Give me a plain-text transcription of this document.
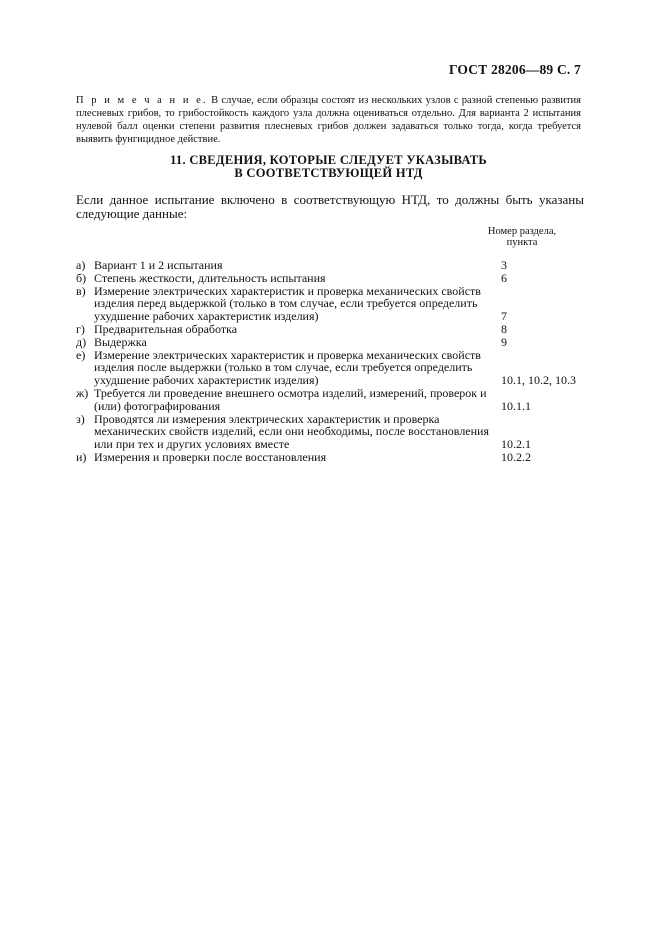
ГОСТ 28206—89 С. 7
П р и м е ч а н и е. В случае, если образцы состоят из нескольких узлов с разной степенью развития плесневых грибов, то грибостойкость каждого узла должна оцениваться отдельно. Для варианта 2 испытания нулевой балл оценки степени развития плесневых грибов должен задаваться только тогда, когда требуется выявить фунгицидное действие.
11. СВЕДЕНИЯ, КОТОРЫЕ СЛЕДУЕТ УКАЗЫВАТЬ
В СООТВЕТСТВУЮЩЕЙ НТД
Если данное испытание включено в соответствующую НТД, то должны быть указаны следующие данные:
Номер раздела,
пункта
а) Вариант 1 и 2 испытания	3
б) Степень жесткости, длительность испытания	6
в) Измерение электрических характеристик и проверка механических свойств изделия перед выдержкой (только в том случае, если требуется определить ухудшение рабочих характеристик изделия)	7
г) Предварительная обработка	8
д) Выдержка	9
е) Измерение электрических характеристик и проверка механических свойств изделия после выдержки (только в том случае, если требуется определить ухудшение рабочих характеристик изделия)	10.1, 10.2, 10.3
ж) Требуется ли проведение внешнего осмотра изделий, измерений, проверок и (или) фотографирования	10.1.1
з) Проводятся ли измерения электрических характеристик и проверка механических свойств изделий, если они необходимы, после восстановления или при тех и других условиях вместе	10.2.1
и) Измерения и проверки после восстановления	10.2.2
